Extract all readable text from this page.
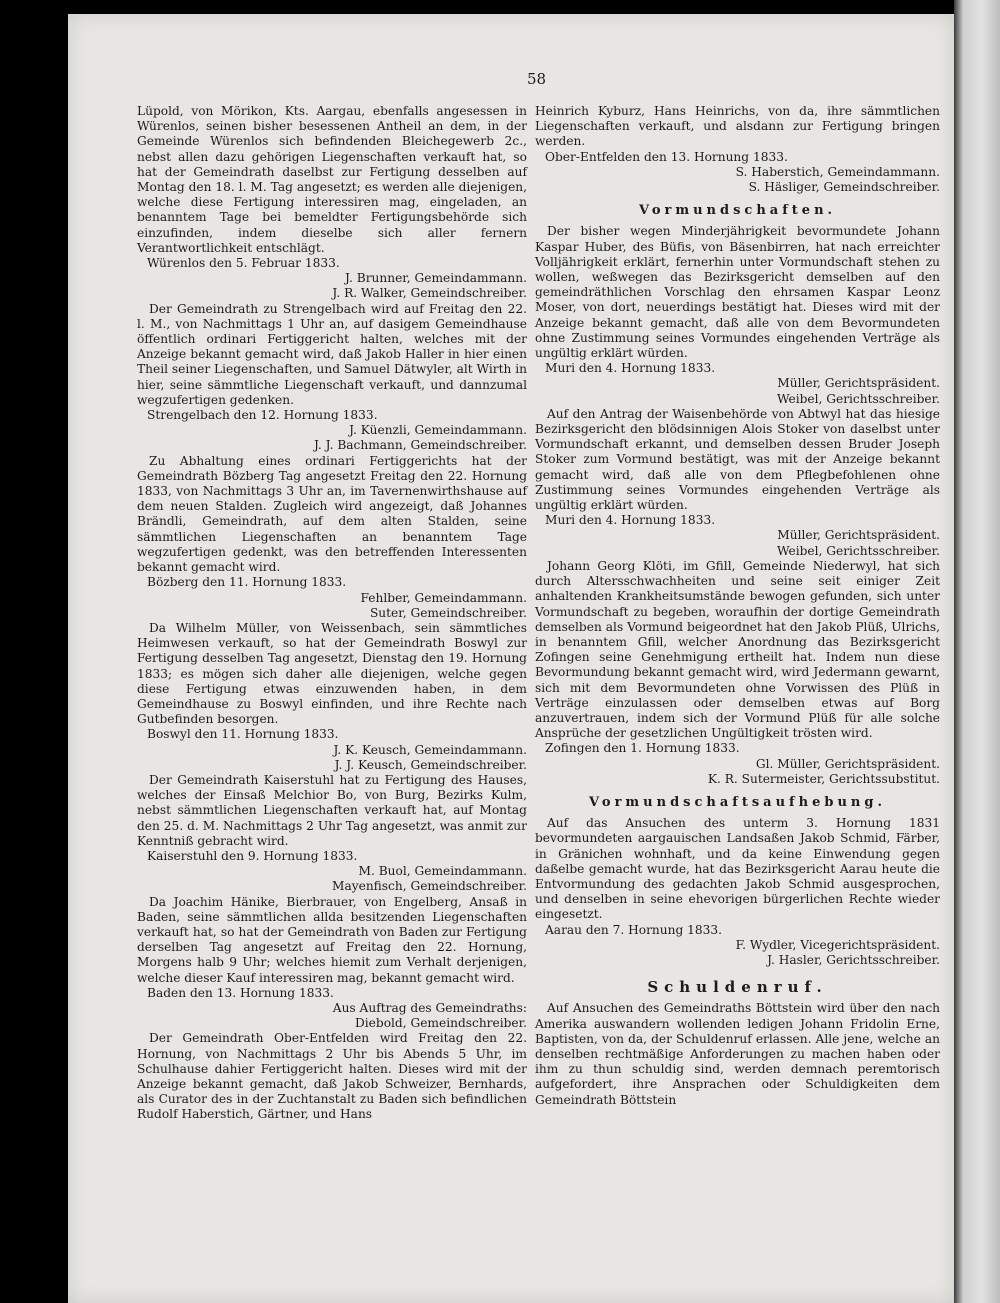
58

Lüpold, von Mörikon, Kts. Aargau, ebenfalls angesessen in Würenlos, seinen bisher besessenen Antheil an dem, in der Gemeinde Würenlos sich befindenden Bleichegewerb 2c., nebst allen dazu gehörigen Liegenschaften verkauft hat, so hat der Gemeindrath daselbst zur Fertigung desselben auf Montag den 18. l. M. Tag angesetzt; es werden alle diejenigen, welche diese Fertigung interessiren mag, eingeladen, an benanntem Tage bei bemeldter Fertigungsbehörde sich einzufinden, indem dieselbe sich aller fernern Verantwortlichkeit entschlägt.

Würenlos den 5. Februar 1833.

J. Brunner, Gemeindammann.

J. R. Walker, Gemeindschreiber.

Der Gemeindrath zu Strengelbach wird auf Freitag den 22. l. M., von Nachmittags 1 Uhr an, auf dasigem Gemeindhause öffentlich ordinari Fertiggericht halten, welches mit der Anzeige bekannt gemacht wird, daß Jakob Haller in hier einen Theil seiner Liegenschaften, und Samuel Dätwyler, alt Wirth in hier, seine sämmtliche Liegenschaft verkauft, und dannzumal wegzufertigen gedenken.

Strengelbach den 12. Hornung 1833.

J. Küenzli, Gemeindammann.

J. J. Bachmann, Gemeindschreiber.

Zu Abhaltung eines ordinari Fertiggerichts hat der Gemeindrath Bözberg Tag angesetzt Freitag den 22. Hornung 1833, von Nachmittags 3 Uhr an, im Tavernenwirthshause auf dem neuen Stalden. Zugleich wird angezeigt, daß Johannes Brändli, Gemeindrath, auf dem alten Stalden, seine sämmtlichen Liegenschaften an benanntem Tage wegzufertigen gedenkt, was den betreffenden Interessenten bekannt gemacht wird.

Bözberg den 11. Hornung 1833.

Fehlber, Gemeindammann.

Suter, Gemeindschreiber.

Da Wilhelm Müller, von Weissenbach, sein sämmtliches Heimwesen verkauft, so hat der Gemeindrath Boswyl zur Fertigung desselben Tag angesetzt, Dienstag den 19. Hornung 1833; es mögen sich daher alle diejenigen, welche gegen diese Fertigung etwas einzuwenden haben, in dem Gemeindhause zu Boswyl einfinden, und ihre Rechte nach Gutbefinden besorgen.

Boswyl den 11. Hornung 1833.

J. K. Keusch, Gemeindammann.

J. J. Keusch, Gemeindschreiber.

Der Gemeindrath Kaiserstuhl hat zu Fertigung des Hauses, welches der Einsaß Melchior Bo, von Burg, Bezirks Kulm, nebst sämmtlichen Liegenschaften verkauft hat, auf Montag den 25. d. M. Nachmittags 2 Uhr Tag angesetzt, was anmit zur Kenntniß gebracht wird.

Kaiserstuhl den 9. Hornung 1833.

M. Buol, Gemeindammann.

Mayenfisch, Gemeindschreiber.

Da Joachim Hänike, Bierbrauer, von Engelberg, Ansaß in Baden, seine sämmtlichen allda besitzenden Liegenschaften verkauft hat, so hat der Gemeindrath von Baden zur Fertigung derselben Tag angesetzt auf Freitag den 22. Hornung, Morgens halb 9 Uhr; welches hiemit zum Verhalt derjenigen, welche dieser Kauf interessiren mag, bekannt gemacht wird.

Baden den 13. Hornung 1833.

Aus Auftrag des Gemeindraths:

Diebold, Gemeindschreiber.

Der Gemeindrath Ober-Entfelden wird Freitag den 22. Hornung, von Nachmittags 2 Uhr bis Abends 5 Uhr, im Schulhause dahier Fertiggericht halten. Dieses wird mit der Anzeige bekannt gemacht, daß Jakob Schweizer, Bernhards, als Curator des in der Zuchtanstalt zu Baden sich befindlichen Rudolf Haberstich, Gärtner, und Hans

Heinrich Kyburz, Hans Heinrichs, von da, ihre sämmtlichen Liegenschaften verkauft, und alsdann zur Fertigung bringen werden.

Ober-Entfelden den 13. Hornung 1833.

S. Haberstich, Gemeindammann.

S. Häsliger, Gemeindschreiber.

Vormundschaften.

Der bisher wegen Minderjährigkeit bevormundete Johann Kaspar Huber, des Büfis, von Bäsenbirren, hat nach erreichter Volljährigkeit erklärt, fernerhin unter Vormundschaft stehen zu wollen, weßwegen das Bezirksgericht demselben auf den gemeindräthlichen Vorschlag den ehrsamen Kaspar Leonz Moser, von dort, neuerdings bestätigt hat. Dieses wird mit der Anzeige bekannt gemacht, daß alle von dem Bevormundeten ohne Zustimmung seines Vormundes eingehenden Verträge als ungültig erklärt würden.

Muri den 4. Hornung 1833.

Müller, Gerichtspräsident.

Weibel, Gerichtsschreiber.

Auf den Antrag der Waisenbehörde von Abtwyl hat das hiesige Bezirksgericht den blödsinnigen Alois Stoker von daselbst unter Vormundschaft erkannt, und demselben dessen Bruder Joseph Stoker zum Vormund bestätigt, was mit der Anzeige bekannt gemacht wird, daß alle von dem Pflegbefohlenen ohne Zustimmung seines Vormundes eingehenden Verträge als ungültig erklärt würden.

Muri den 4. Hornung 1833.

Müller, Gerichtspräsident.

Weibel, Gerichtsschreiber.

Johann Georg Klöti, im Gfill, Gemeinde Niederwyl, hat sich durch Altersschwachheiten und seine seit einiger Zeit anhaltenden Krankheitsumstände bewogen gefunden, sich unter Vormundschaft zu begeben, woraufhin der dortige Gemeindrath demselben als Vormund beigeordnet hat den Jakob Plüß, Ulrichs, in benanntem Gfill, welcher Anordnung das Bezirksgericht Zofingen seine Genehmigung ertheilt hat. Indem nun diese Bevormundung bekannt gemacht wird, wird Jedermann gewarnt, sich mit dem Bevormundeten ohne Vorwissen des Plüß in Verträge einzulassen oder demselben etwas auf Borg anzuvertrauen, indem sich der Vormund Plüß für alle solche Ansprüche der gesetzlichen Ungültigkeit trösten wird.

Zofingen den 1. Hornung 1833.

Gl. Müller, Gerichtspräsident.

K. R. Sutermeister, Gerichtssubstitut.

Vormundschaftsaufhebung.

Auf das Ansuchen des unterm 3. Hornung 1831 bevormundeten aargauischen Landsaßen Jakob Schmid, Färber, in Gränichen wohnhaft, und da keine Einwendung gegen daßelbe gemacht wurde, hat das Bezirksgericht Aarau heute die Entvormundung des gedachten Jakob Schmid ausgesprochen, und denselben in seine ehevorigen bürgerlichen Rechte wieder eingesetzt.

Aarau den 7. Hornung 1833.

F. Wydler, Vicegerichtspräsident.

J. Hasler, Gerichtsschreiber.

Schuldenruf.

Auf Ansuchen des Gemeindraths Böttstein wird über den nach Amerika auswandern wollenden ledigen Johann Fridolin Erne, Baptisten, von da, der Schuldenruf erlassen. Alle jene, welche an denselben rechtmäßige Anforderungen zu machen haben oder ihm zu thun schuldig sind, werden demnach peremtorisch aufgefordert, ihre Ansprachen oder Schuldigkeiten dem Gemeindrath Böttstein
